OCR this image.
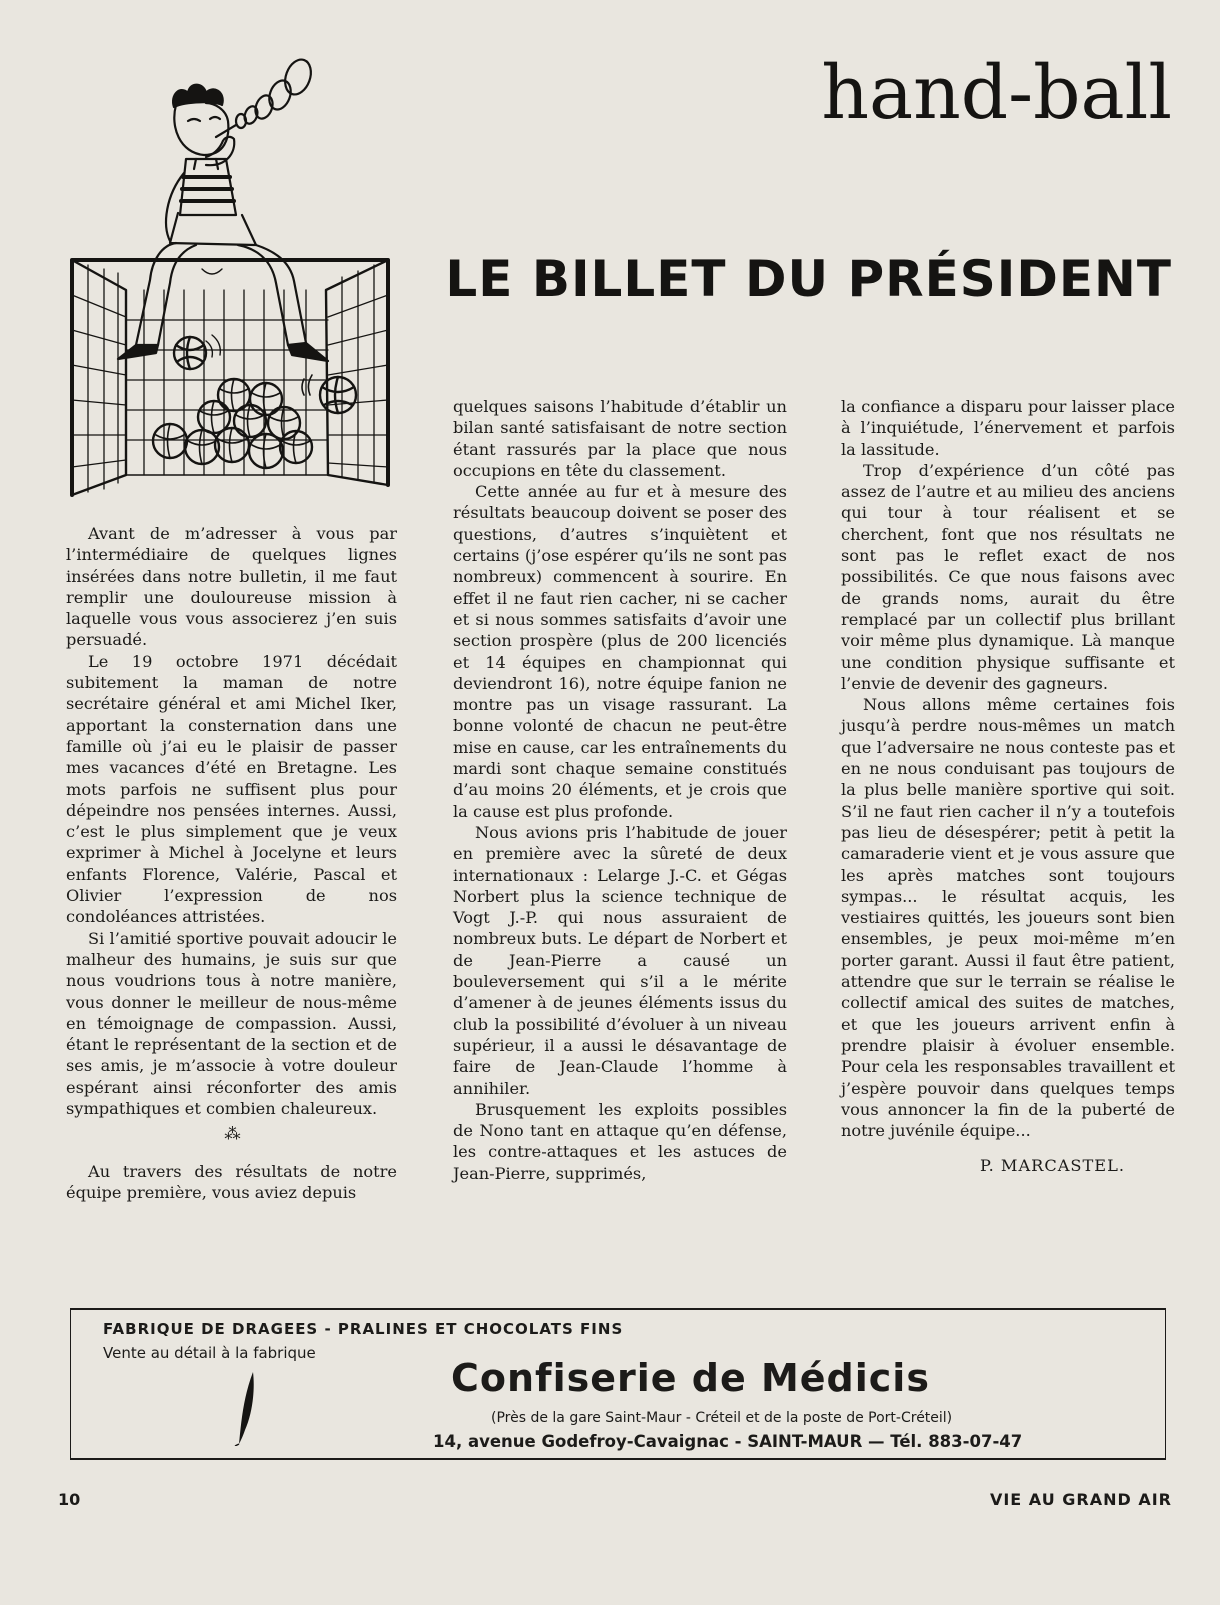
hand-ball
LE BILLET DU PRÉSIDENT

Avant de m’adresser à vous par l’intermédiaire de quelques lignes insérées dans notre bulletin, il me faut remplir une douloureuse mission à laquelle vous vous associerez j’en suis persuadé.

Le 19 octobre 1971 décédait subitement la maman de notre secrétaire général et ami Michel Iker, apportant la consternation dans une famille où j’ai eu le plaisir de passer mes vacances d’été en Bretagne. Les mots parfois ne suffisent plus pour dépeindre nos pensées internes. Aussi, c’est le plus simplement que je veux exprimer à Michel à Jocelyne et leurs enfants Florence, Valérie, Pascal et Olivier l’expression de nos condoléances attristées.

Si l’amitié sportive pouvait adoucir le malheur des humains, je suis sur que nous voudrions tous à notre manière, vous donner le meilleur de nous-même en témoignage de compassion. Aussi, étant le représentant de la section et de ses amis, je m’associe à votre douleur espérant ainsi réconforter des amis sympathiques et combien chaleureux.

⁂

Au travers des résultats de notre équipe première, vous aviez depuis

quelques saisons l’habitude d’établir un bilan santé satisfaisant de notre section étant rassurés par la place que nous occupions en tête du classement.

Cette année au fur et à mesure des résultats beaucoup doivent se poser des questions, d’autres s’inquiètent et certains (j’ose espérer qu’ils ne sont pas nombreux) commencent à sourire. En effet il ne faut rien cacher, ni se cacher et si nous sommes satisfaits d’avoir une section prospère (plus de 200 licenciés et 14 équipes en championnat qui deviendront 16), notre équipe fanion ne montre pas un visage rassurant. La bonne volonté de chacun ne peut-être mise en cause, car les entraînements du mardi sont chaque semaine constitués d’au moins 20 éléments, et je crois que la cause est plus profonde.

Nous avions pris l’habitude de jouer en première avec la sûreté de deux internationaux : Lelarge J.-C. et Gégas Norbert plus la science technique de Vogt J.-P. qui nous assuraient de nombreux buts. Le départ de Norbert et de Jean-Pierre a causé un bouleversement qui s’il a le mérite d’amener à de jeunes éléments issus du club la possibilité d’évoluer à un niveau supérieur, il a aussi le désavantage de faire de Jean-Claude l’homme à annihiler.

Brusquement les exploits possibles de Nono tant en attaque qu’en défense, les contre-attaques et les astuces de Jean-Pierre, supprimés,

la confiance a disparu pour laisser place à l’inquiétude, l’énervement et parfois la lassitude.

Trop d’expérience d’un côté pas assez de l’autre et au milieu des anciens qui tour à tour réalisent et se cherchent, font que nos résultats ne sont pas le reflet exact de nos possibilités. Ce que nous faisons avec de grands noms, aurait du être remplacé par un collectif plus brillant voir même plus dynamique. Là manque une condition physique suffisante et l’envie de devenir des gagneurs.

Nous allons même certaines fois jusqu’à perdre nous-mêmes un match que l’adversaire ne nous conteste pas et en ne nous conduisant pas toujours de la plus belle manière sportive qui soit. S’il ne faut rien cacher il n’y a toutefois pas lieu de désespérer; petit à petit la camaraderie vient et je vous assure que les après matches sont toujours sympas... le résultat acquis, les vestiaires quittés, les joueurs sont bien ensembles, je peux moi-même m’en porter garant. Aussi il faut être patient, attendre que sur le terrain se réalise le collectif amical des suites de matches, et que les joueurs arrivent enfin à prendre plaisir à évoluer ensemble. Pour cela les responsables travaillent et j’espère pouvoir dans quelques temps vous annoncer la fin de la puberté de notre juvénile équipe...

P. MARCASTEL.

FABRIQUE DE DRAGEES - PRALINES ET CHOCOLATS FINS
Vente au détail à la fabrique
Confiserie de Médicis
(Près de la gare Saint-Maur - Créteil et de la poste de Port-Créteil)
14, avenue Godefroy-Cavaignac - SAINT-MAUR — Tél. 883-07-47
10	VIE AU GRAND AIR
